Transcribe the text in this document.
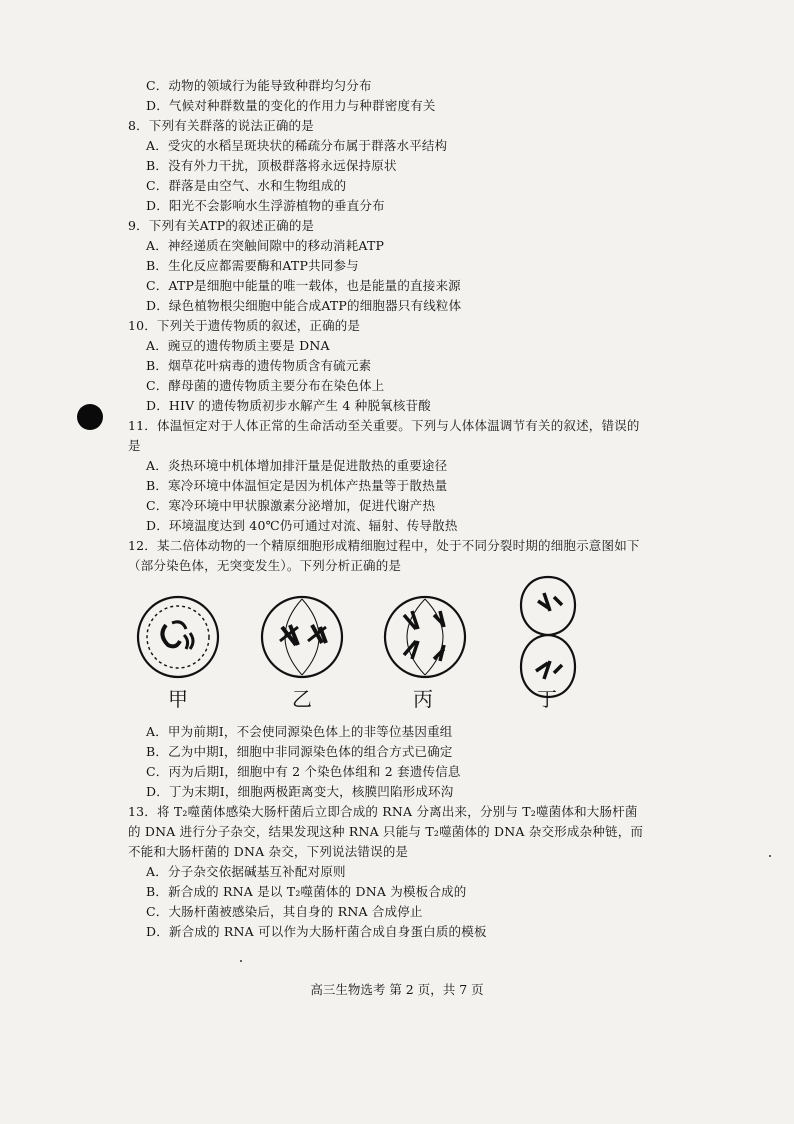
C．动物的领域行为能导致种群均匀分布
D．气候对种群数量的变化的作用力与种群密度有关
8．下列有关群落的说法正确的是
A．受灾的水稻呈斑块状的稀疏分布属于群落水平结构
B．没有外力干扰，顶极群落将永远保持原状
C．群落是由空气、水和生物组成的
D．阳光不会影响水生浮游植物的垂直分布
9．下列有关ATP的叙述正确的是
A．神经递质在突触间隙中的移动消耗ATP
B．生化反应都需要酶和ATP共同参与
C．ATP是细胞中能量的唯一载体，也是能量的直接来源
D．绿色植物根尖细胞中能合成ATP的细胞器只有线粒体
10．下列关于遗传物质的叙述，正确的是
A．豌豆的遗传物质主要是 DNA
B．烟草花叶病毒的遗传物质含有硫元素
C．酵母菌的遗传物质主要分布在染色体上
D．HIV 的遗传物质初步水解产生 4 种脱氧核苷酸
11．体温恒定对于人体正常的生命活动至关重要。下列与人体体温调节有关的叙述，错误的
是
A．炎热环境中机体增加排汗量是促进散热的重要途径
B．寒冷环境中体温恒定是因为机体产热量等于散热量
C．寒冷环境中甲状腺激素分泌增加，促进代谢产热
D．环境温度达到 40℃仍可通过对流、辐射、传导散热
12．某二倍体动物的一个精原细胞形成精细胞过程中，处于不同分裂时期的细胞示意图如下
（部分染色体，无突变发生）。下列分析正确的是
A．甲为前期Ⅰ，不会使同源染色体上的非等位基因重组
B．乙为中期Ⅰ，细胞中非同源染色体的组合方式已确定
C．丙为后期Ⅰ，细胞中有 2 个染色体组和 2 套遗传信息
D．丁为末期Ⅰ，细胞两极距离变大，核膜凹陷形成环沟
13．将 T₂噬菌体感染大肠杆菌后立即合成的 RNA 分离出来，分别与 T₂噬菌体和大肠杆菌
的 DNA 进行分子杂交，结果发现这种 RNA 只能与 T₂噬菌体的 DNA 杂交形成杂种链，而
不能和大肠杆菌的 DNA 杂交，下列说法错误的是
A．分子杂交依据碱基互补配对原则
B．新合成的 RNA 是以 T₂噬菌体的 DNA 为模板合成的
C．大肠杆菌被感染后，其自身的 RNA 合成停止
D．新合成的 RNA 可以作为大肠杆菌合成自身蛋白质的模板
甲	乙	丙	丁
高三生物选考 第 2 页，共 7 页
